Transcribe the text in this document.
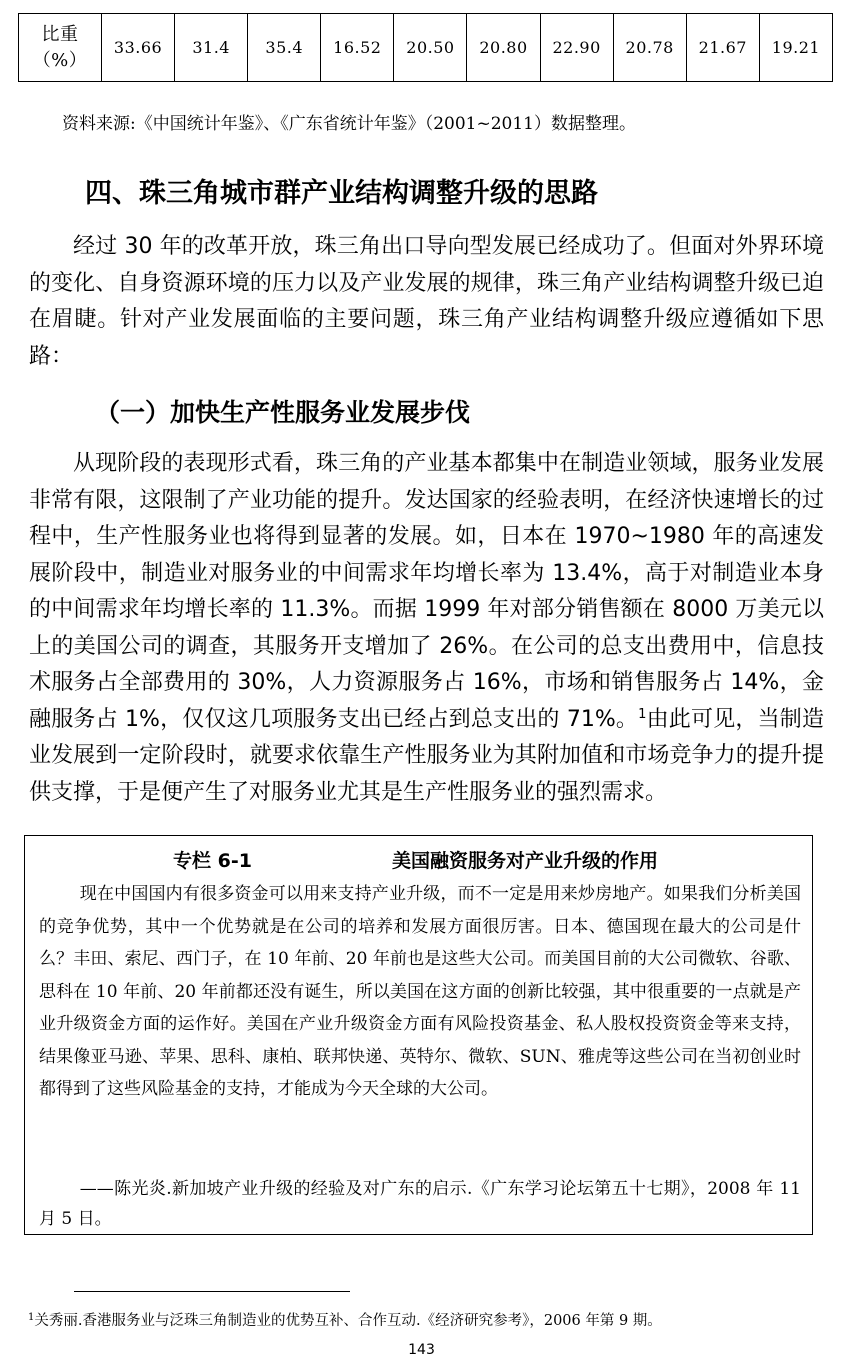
比重
（%）
	33.66	31.4	35.4	16.52	20.50	20.80	22.90	20.78	21.67	19.21
资料来源:《中国统计年鉴》、《广东省统计年鉴》（2001~2011）数据整理。
四、珠三角城市群产业结构调整升级的思路

经过 30 年的改革开放，珠三角出口导向型发展已经成功了。但面对外界环境的变化、自身资源环境的压力以及产业发展的规律，珠三角产业结构调整升级已迫在眉睫。针对产业发展面临的主要问题，珠三角产业结构调整升级应遵循如下思路：

（一）加快生产性服务业发展步伐

从现阶段的表现形式看，珠三角的产业基本都集中在制造业领域，服务业发展非常有限，这限制了产业功能的提升。发达国家的经验表明，在经济快速增长的过程中，生产性服务业也将得到显著的发展。如，日本在 1970~1980 年的高速发展阶段中，制造业对服务业的中间需求年均增长率为 13.4%，高于对制造业本身的中间需求年均增长率的 11.3%。而据 1999 年对部分销售额在 8000 万美元以上的美国公司的调查，其服务开支增加了 26%。在公司的总支出费用中，信息技术服务占全部费用的 30%，人力资源服务占 16%，市场和销售服务占 14%，金融服务占 1%，仅仅这几项服务支出已经占到总支出的 71%。$^1$由此可见，当制造业发展到一定阶段时，就要求依靠生产性服务业为其附加值和市场竞争力的提升提供支撑，于是便产生了对服务业尤其是生产性服务业的强烈需求。

专栏 6-1	美国融资服务对产业升级的作用

现在中国国内有很多资金可以用来支持产业升级，而不一定是用来炒房地产。如果我们分析美国的竞争优势，其中一个优势就是在公司的培养和发展方面很厉害。日本、德国现在最大的公司是什么？丰田、索尼、西门子，在 10 年前、20 年前也是这些大公司。而美国目前的大公司微软、谷歌、思科在 10 年前、20 年前都还没有诞生，所以美国在这方面的创新比较强，其中很重要的一点就是产业升级资金方面的运作好。美国在产业升级资金方面有风险投资基金、私人股权投资资金等来支持，结果像亚马逊、苹果、思科、康柏、联邦快递、英特尔、微软、SUN、雅虎等这些公司在当初创业时都得到了这些风险基金的支持，才能成为今天全球的大公司。

——陈光炎.新加坡产业升级的经验及对广东的启示.《广东学习论坛第五十七期》，2008 年 11 月 5 日。

$^1$关秀丽.香港服务业与泛珠三角制造业的优势互补、合作互动.《经济研究参考》，2006 年第 9 期。

143
